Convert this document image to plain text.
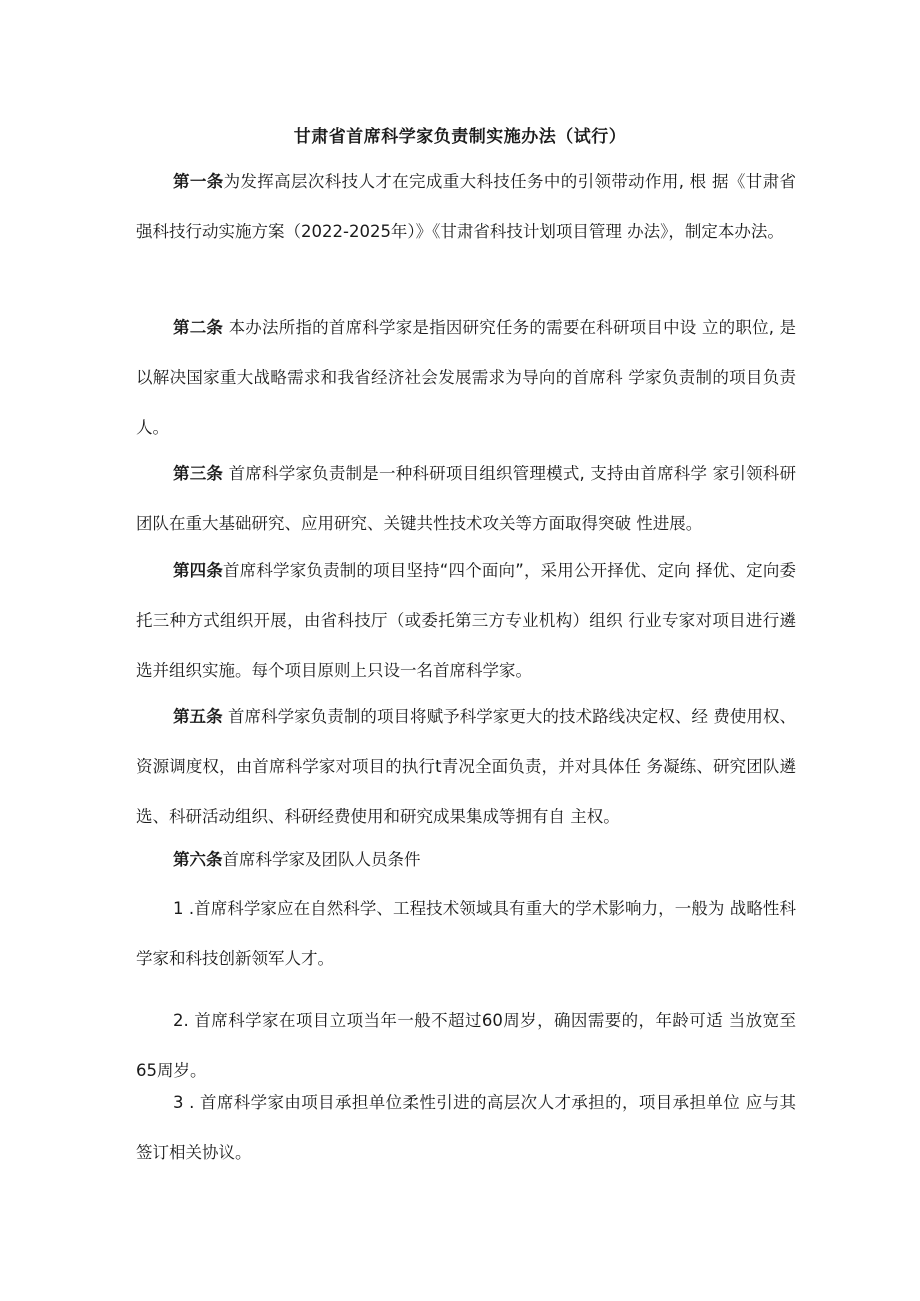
甘肃省首席科学家负责制实施办法（试行）

第一条为发挥高层次科技人才在完成重大科技任务中的引领带动作用, 根 据《甘肃省强科技行动实施方案（2022-2025年）》《甘肃省科技计划项目管理 办法》，制定本办法。

第二条 本办法所指的首席科学家是指因研究任务的需要在科研项目中设 立的职位, 是以解决国家重大战略需求和我省经济社会发展需求为导向的首席科 学家负责制的项目负责人。

第三条 首席科学家负责制是一种科研项目组织管理模式, 支持由首席科学 家引领科研团队在重大基础研究、应用研究、关键共性技术攻关等方面取得突破 性进展。

第四条首席科学家负责制的项目坚持“四个面向”，采用公开择优、定向 择优、定向委托三种方式组织开展，由省科技厅（或委托第三方专业机构）组织 行业专家对项目进行遴选并组织实施。每个项目原则上只设一名首席科学家。

第五条 首席科学家负责制的项目将赋予科学家更大的技术路线决定权、经 费使用权、资源调度权，由首席科学家对项目的执行t青况全面负责，并对具体任 务凝练、研究团队遴选、科研活动组织、科研经费使用和研究成果集成等拥有自 主权。

第六条首席科学家及团队人员条件

1 .首席科学家应在自然科学、工程技术领域具有重大的学术影响力，一般为 战略性科学家和科技创新领军人才。

2. 首席科学家在项目立项当年一般不超过60周岁，确因需要的，年龄可适 当放宽至65周岁。

3 . 首席科学家由项目承担单位柔性引进的高层次人才承担的，项目承担单位 应与其签订相关协议。
